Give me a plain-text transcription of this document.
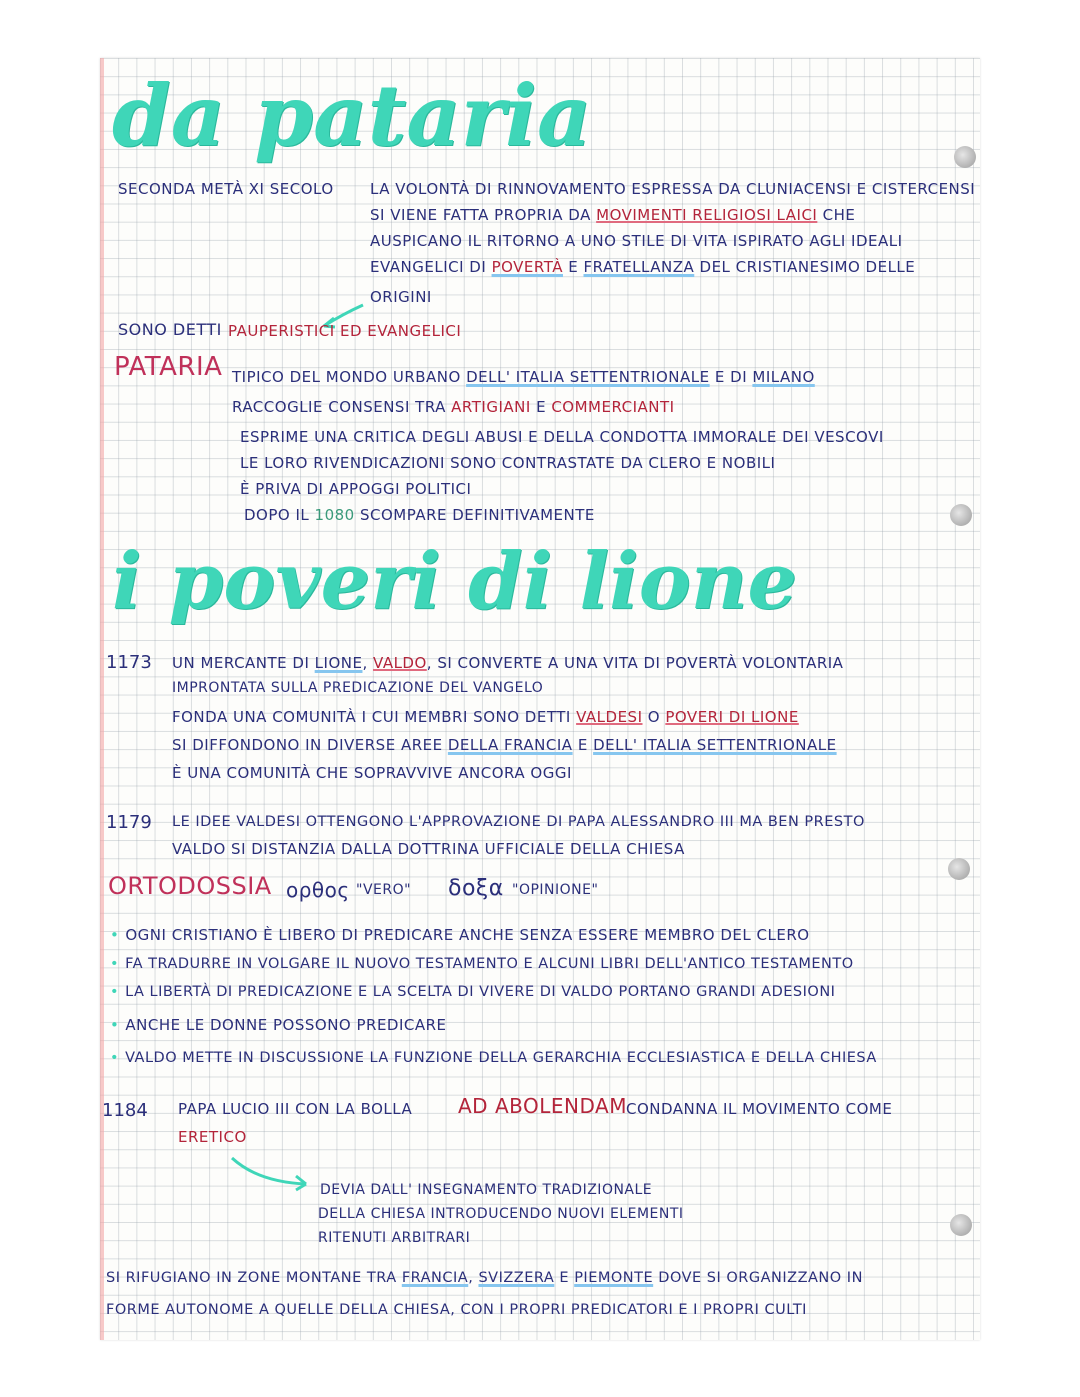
da pataria
SECONDA METÀ XI SECOLO LA VOLONTÀ DI RINNOVAMENTO ESPRESSA DA CLUNIACENSI E CISTERCENSI
SI VIENE FATTA PROPRIA DA MOVIMENTI RELIGIOSI LAICI CHE
AUSPICANO IL RITORNO A UNO STILE DI VITA ISPIRATO AGLI IDEALI
EVANGELICI DI POVERTÀ E FRATELLANZA DEL CRISTIANESIMO DELLE
ORIGINI
SONO DETTI PAUPERISTICI ED EVANGELICI
PATARIA TIPICO DEL MONDO URBANO DELL' ITALIA SETTENTRIONALE E DI MILANO
RACCOGLIE CONSENSI TRA ARTIGIANI E COMMERCIANTI
ESPRIME UNA CRITICA DEGLI ABUSI E DELLA CONDOTTA IMMORALE DEI VESCOVI
LE LORO RIVENDICAZIONI SONO CONTRASTATE DA CLERO E NOBILI
È PRIVA DI APPOGGI POLITICI
DOPO IL 1080 SCOMPARE DEFINITIVAMENTE
i poveri di lione
1173 UN MERCANTE DI LIONE, VALDO, SI CONVERTE A UNA VITA DI POVERTÀ VOLONTARIA
IMPRONTATA SULLA PREDICAZIONE DEL VANGELO
FONDA UNA COMUNITÀ I CUI MEMBRI SONO DETTI VALDESI O POVERI DI LIONE
SI DIFFONDONO IN DIVERSE AREE DELLA FRANCIA E DELL' ITALIA SETTENTRIONALE
È UNA COMUNITÀ CHE SOPRAVVIVE ANCORA OGGI
1179 LE IDEE VALDESI OTTENGONO L'APPROVAZIONE DI PAPA ALESSANDRO III MA BEN PRESTO
VALDO SI DISTANZIA DALLA DOTTRINA UFFICIALE DELLA CHIESA
ORTODOSSIA ορθος "VERO" δοξα "OPINIONE"
• OGNI CRISTIANO È LIBERO DI PREDICARE ANCHE SENZA ESSERE MEMBRO DEL CLERO
• FA TRADURRE IN VOLGARE IL NUOVO TESTAMENTO E ALCUNI LIBRI DELL'ANTICO TESTAMENTO
• LA LIBERTÀ DI PREDICAZIONE E LA SCELTA DI VIVERE DI VALDO PORTANO GRANDI ADESIONI
• ANCHE LE DONNE POSSONO PREDICARE
• VALDO METTE IN DISCUSSIONE LA FUNZIONE DELLA GERARCHIA ECCLESIASTICA E DELLA CHIESA
1184 PAPA LUCIO III CON LA BOLLA AD ABOLENDAM CONDANNA IL MOVIMENTO COME
ERETICO
DEVIA DALL' INSEGNAMENTO TRADIZIONALE
DELLA CHIESA INTRODUCENDO NUOVI ELEMENTI
RITENUTI ARBITRARI
SI RIFUGIANO IN ZONE MONTANE TRA FRANCIA, SVIZZERA E PIEMONTE DOVE SI ORGANIZZANO IN
FORME AUTONOME A QUELLE DELLA CHIESA, CON I PROPRI PREDICATORI E I PROPRI CULTI
